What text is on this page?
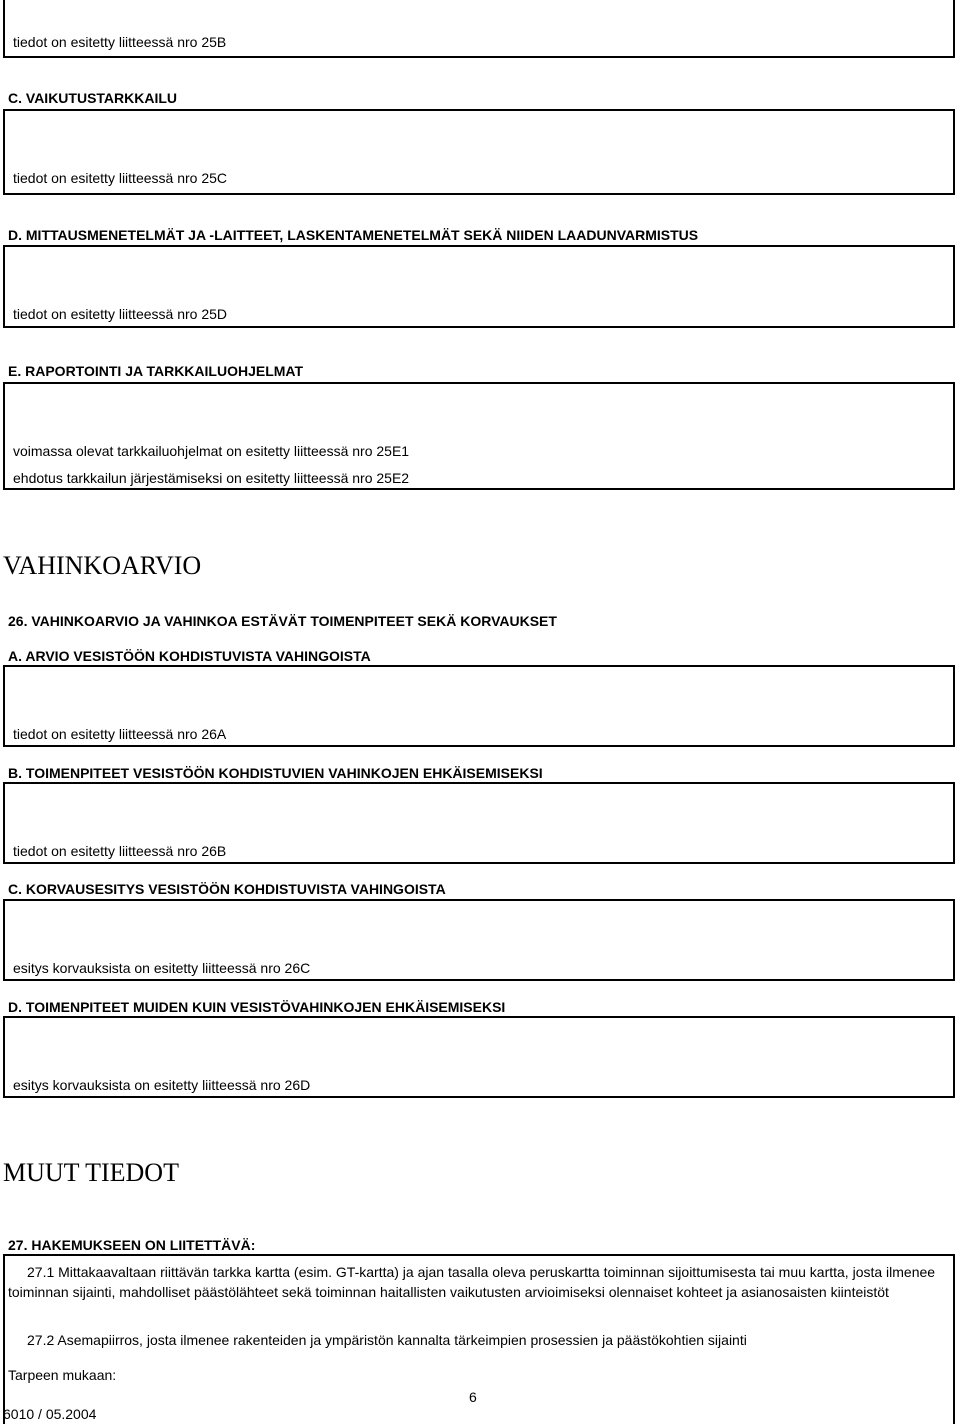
tiedot on esitetty liitteessä nro 25B
C. VAIKUTUSTARKKAILU
tiedot on esitetty liitteessä nro 25C
D. MITTAUSMENETELMÄT JA -LAITTEET, LASKENTAMENETELMÄT SEKÄ NIIDEN LAADUNVARMISTUS
tiedot on esitetty liitteessä nro 25D
E. RAPORTOINTI JA TARKKAILUOHJELMAT
voimassa olevat tarkkailuohjelmat on esitetty liitteessä nro 25E1
ehdotus tarkkailun järjestämiseksi on esitetty liitteessä nro 25E2
VAHINKOARVIO
26. VAHINKOARVIO JA VAHINKOA ESTÄVÄT TOIMENPITEET SEKÄ KORVAUKSET
A. ARVIO VESISTÖÖN KOHDISTUVISTA VAHINGOISTA
tiedot on esitetty liitteessä nro 26A
B. TOIMENPITEET VESISTÖÖN KOHDISTUVIEN VAHINKOJEN EHKÄISEMISEKSI
tiedot on esitetty liitteessä nro 26B
C. KORVAUSESITYS VESISTÖÖN KOHDISTUVISTA VAHINGOISTA
esitys korvauksista on esitetty liitteessä nro 26C
D. TOIMENPITEET MUIDEN KUIN VESISTÖVAHINKOJEN EHKÄISEMISEKSI
esitys korvauksista on esitetty liitteessä nro 26D
MUUT TIEDOT
27. HAKEMUKSEEN ON LIITETTÄVÄ:
27.1 Mittakaavaltaan riittävän tarkka kartta (esim. GT-kartta) ja ajan tasalla oleva peruskartta toiminnan sijoittumisesta tai muu kartta, josta ilmenee toiminnan sijainti, mahdolliset päästölähteet sekä toiminnan haitallisten vaikutusten arvioimiseksi olennaiset kohteet ja asianosaisten kiinteistöt
27.2 Asemapiirros, josta ilmenee rakenteiden ja ympäristön kannalta tärkeimpien prosessien ja päästökohtien sijainti
Tarpeen mukaan:
6
6010 / 05.2004
